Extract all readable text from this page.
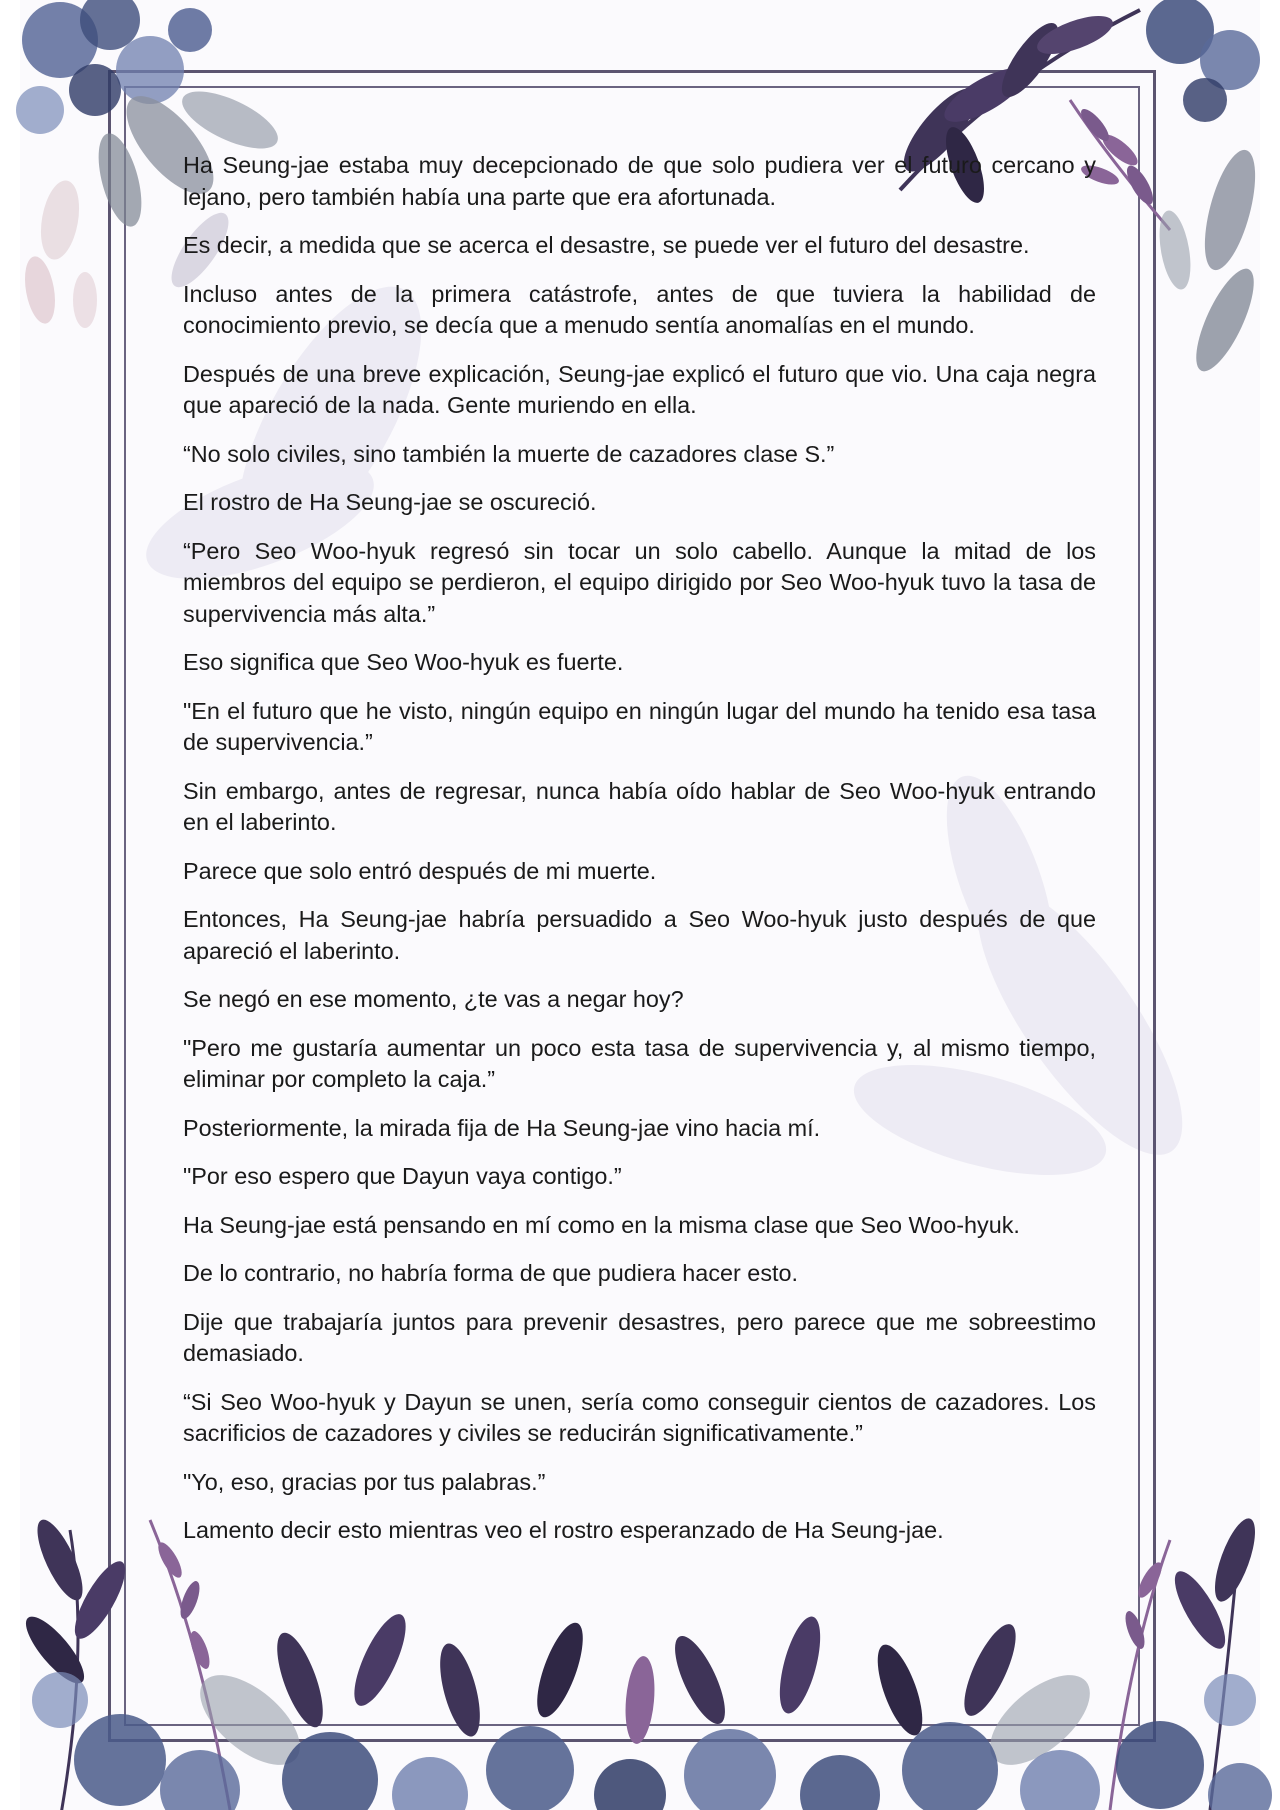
Ha Seung-jae estaba muy decepcionado de que solo pudiera ver el futuro cercano y lejano, pero también había una parte que era afortunada.

Es decir, a medida que se acerca el desastre, se puede ver el futuro del desastre.

Incluso antes de la primera catástrofe, antes de que tuviera la habilidad de conocimiento previo, se decía que a menudo sentía anomalías en el mundo.

Después de una breve explicación, Seung-jae explicó el futuro que vio. Una caja negra que apareció de la nada. Gente muriendo en ella.

“No solo civiles, sino también la muerte de cazadores clase S.”

El rostro de Ha Seung-jae se oscureció.

“Pero Seo Woo-hyuk regresó sin tocar un solo cabello. Aunque la mitad de los miembros del equipo se perdieron, el equipo dirigido por Seo Woo-hyuk tuvo la tasa de supervivencia más alta.”

Eso significa que Seo Woo-hyuk es fuerte.

"En el futuro que he visto, ningún equipo en ningún lugar del mundo ha tenido esa tasa de supervivencia.”

Sin embargo, antes de regresar, nunca había oído hablar de Seo Woo-hyuk entrando en el laberinto.

Parece que solo entró después de mi muerte.

Entonces, Ha Seung-jae habría persuadido a Seo Woo-hyuk justo después de que apareció el laberinto.

Se negó en ese momento, ¿te vas a negar hoy?

"Pero me gustaría aumentar un poco esta tasa de supervivencia y, al mismo tiempo, eliminar por completo la caja.”

Posteriormente, la mirada fija de Ha Seung-jae vino hacia mí.

"Por eso espero que Dayun vaya contigo.”

Ha Seung-jae está pensando en mí como en la misma clase que Seo Woo-hyuk.

De lo contrario, no habría forma de que pudiera hacer esto.

Dije que trabajaría juntos para prevenir desastres, pero parece que me sobreestimo demasiado.

“Si Seo Woo-hyuk y Dayun se unen, sería como conseguir cientos de cazadores. Los sacrificios de cazadores y civiles se reducirán significativamente.”

"Yo, eso, gracias por tus palabras.”

Lamento decir esto mientras veo el rostro esperanzado de Ha Seung-jae.
